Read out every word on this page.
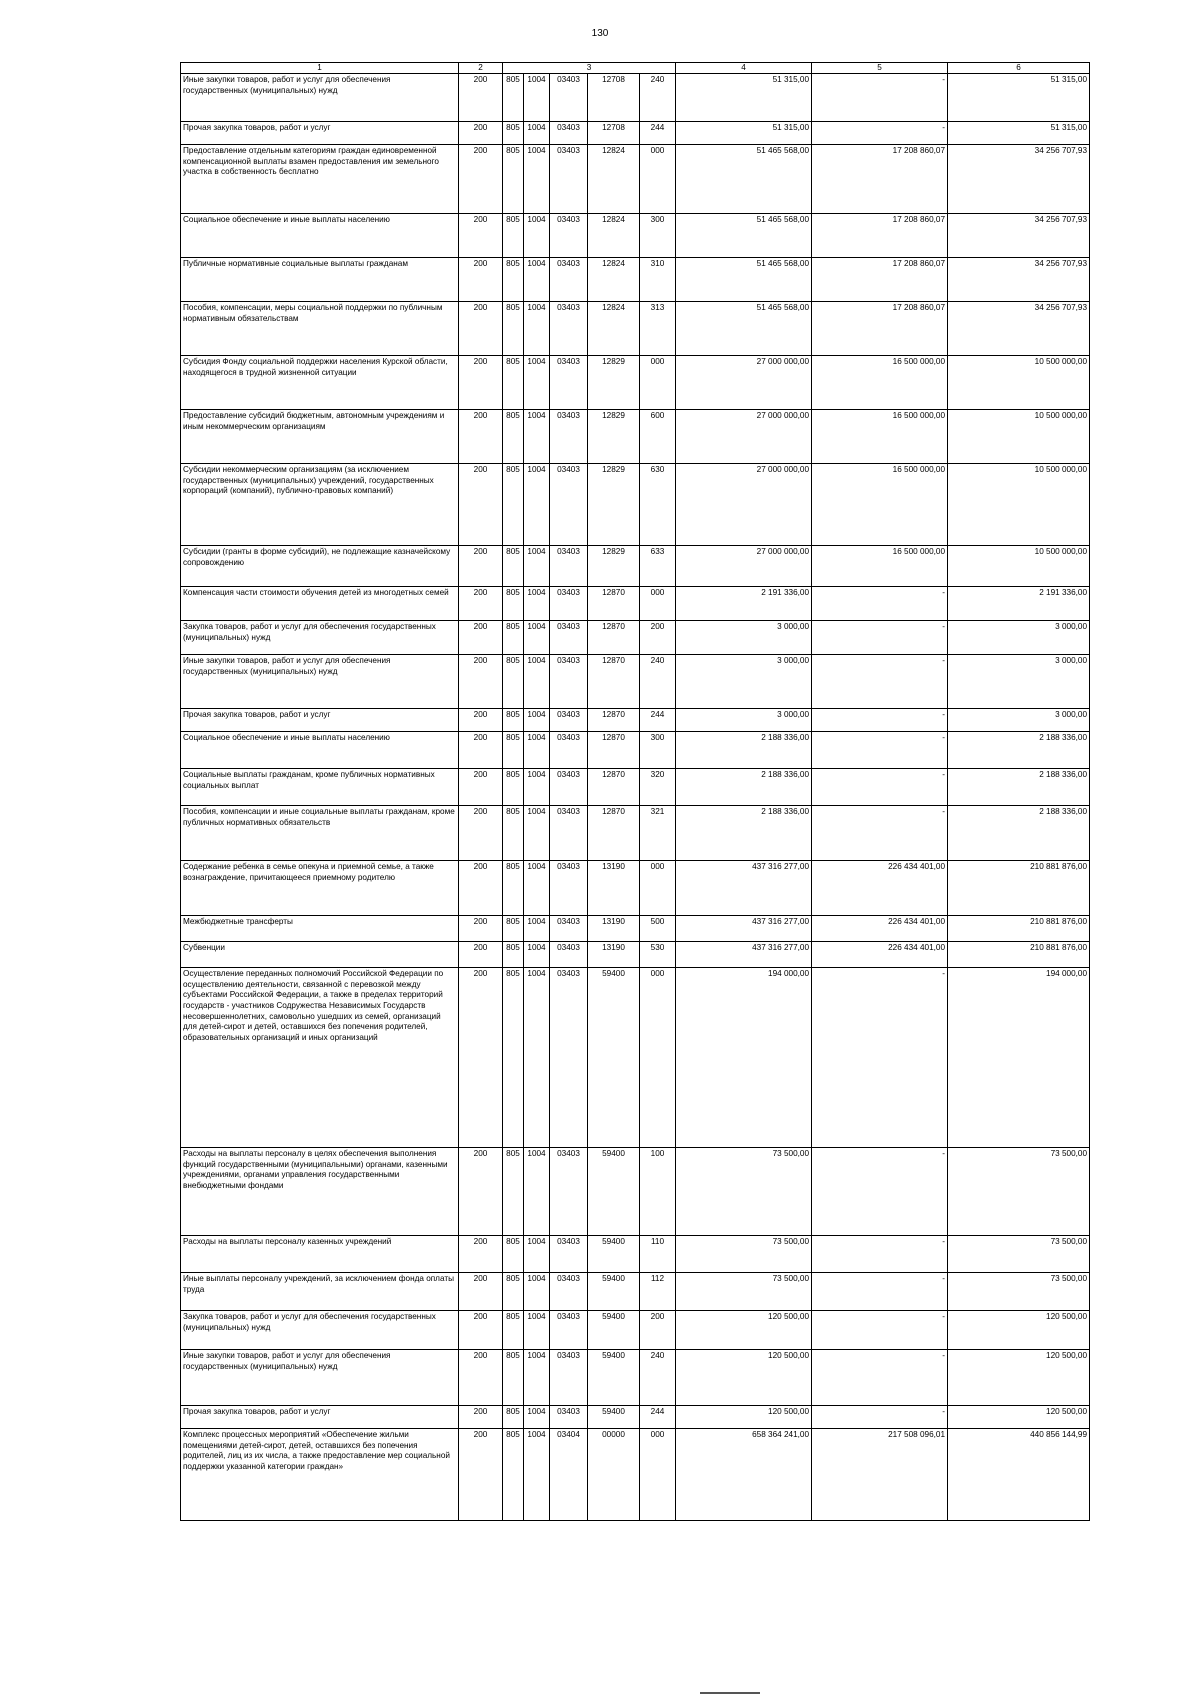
130
1	2	3					4	5	6
Иные закупки товаров, работ и услуг для обеспечения государственных (муниципальных) нужд	200	805	1004	03403	12708	240	51 315,00	-	51 315,00
Прочая закупка товаров, работ и услуг	200	805	1004	03403	12708	244	51 315,00	-	51 315,00
Предоставление отдельным категориям граждан единовременной компенсационной выплаты взамен предоставления им земельного участка в собственность бесплатно	200	805	1004	03403	12824	000	51 465 568,00	17 208 860,07	34 256 707,93
Социальное обеспечение и иные выплаты населению	200	805	1004	03403	12824	300	51 465 568,00	17 208 860,07	34 256 707,93
Публичные нормативные социальные выплаты гражданам	200	805	1004	03403	12824	310	51 465 568,00	17 208 860,07	34 256 707,93
Пособия, компенсации, меры социальной поддержки по публичным нормативным обязательствам	200	805	1004	03403	12824	313	51 465 568,00	17 208 860,07	34 256 707,93
Субсидия Фонду социальной поддержки населения Курской области, находящегося в трудной жизненной ситуации	200	805	1004	03403	12829	000	27 000 000,00	16 500 000,00	10 500 000,00
Предоставление субсидий бюджетным, автономным учреждениям и иным некоммерческим организациям	200	805	1004	03403	12829	600	27 000 000,00	16 500 000,00	10 500 000,00
Субсидии некоммерческим организациям (за исключением государственных (муниципальных) учреждений, государственных корпораций (компаний), публично-правовых компаний)	200	805	1004	03403	12829	630	27 000 000,00	16 500 000,00	10 500 000,00
Субсидии (гранты в форме субсидий), не подлежащие казначейскому сопровождению	200	805	1004	03403	12829	633	27 000 000,00	16 500 000,00	10 500 000,00
Компенсация части стоимости обучения детей из многодетных семей	200	805	1004	03403	12870	000	2 191 336,00	-	2 191 336,00
Закупка товаров, работ и услуг для обеспечения государственных (муниципальных) нужд	200	805	1004	03403	12870	200	3 000,00	-	3 000,00
Иные закупки товаров, работ и услуг для обеспечения государственных (муниципальных) нужд	200	805	1004	03403	12870	240	3 000,00	-	3 000,00
Прочая закупка товаров, работ и услуг	200	805	1004	03403	12870	244	3 000,00	-	3 000,00
Социальное обеспечение и иные выплаты населению	200	805	1004	03403	12870	300	2 188 336,00	-	2 188 336,00
Социальные выплаты гражданам, кроме публичных нормативных социальных выплат	200	805	1004	03403	12870	320	2 188 336,00	-	2 188 336,00
Пособия, компенсации и иные социальные выплаты гражданам, кроме публичных нормативных обязательств	200	805	1004	03403	12870	321	2 188 336,00	-	2 188 336,00
Содержание ребенка в семье опекуна и приемной семье, а также вознаграждение, причитающееся приемному родителю	200	805	1004	03403	13190	000	437 316 277,00	226 434 401,00	210 881 876,00
Межбюджетные трансферты	200	805	1004	03403	13190	500	437 316 277,00	226 434 401,00	210 881 876,00
Субвенции	200	805	1004	03403	13190	530	437 316 277,00	226 434 401,00	210 881 876,00
Осуществление переданных полномочий Российской Федерации по осуществлению деятельности, связанной с перевозкой между субъектами Российской Федерации, а также в пределах территорий государств - участников Содружества Независимых Государств несовершеннолетних, самовольно ушедших из семей, организаций для детей-сирот и детей, оставшихся без попечения родителей, образовательных организаций и иных организаций	200	805	1004	03403	59400	000	194 000,00	-	194 000,00
Расходы на выплаты персоналу в целях обеспечения выполнения функций государственными (муниципальными) органами, казенными учреждениями, органами управления государственными внебюджетными фондами	200	805	1004	03403	59400	100	73 500,00	-	73 500,00
Расходы на выплаты персоналу казенных учреждений	200	805	1004	03403	59400	110	73 500,00	-	73 500,00
Иные выплаты персоналу учреждений, за исключением фонда оплаты труда	200	805	1004	03403	59400	112	73 500,00	-	73 500,00
Закупка товаров, работ и услуг для обеспечения государственных (муниципальных) нужд	200	805	1004	03403	59400	200	120 500,00	-	120 500,00
Иные закупки товаров, работ и услуг для обеспечения государственных (муниципальных) нужд	200	805	1004	03403	59400	240	120 500,00	-	120 500,00
Прочая закупка товаров, работ и услуг	200	805	1004	03403	59400	244	120 500,00	-	120 500,00
Комплекс процессных мероприятий «Обеспечение жильми помещениями детей-сирот, детей, оставшихся без попечения родителей, лиц из их числа, а также предоставление мер социальной поддержки указанной категории граждан»	200	805	1004	03404	00000	000	658 364 241,00	217 508 096,01	440 856 144,99
